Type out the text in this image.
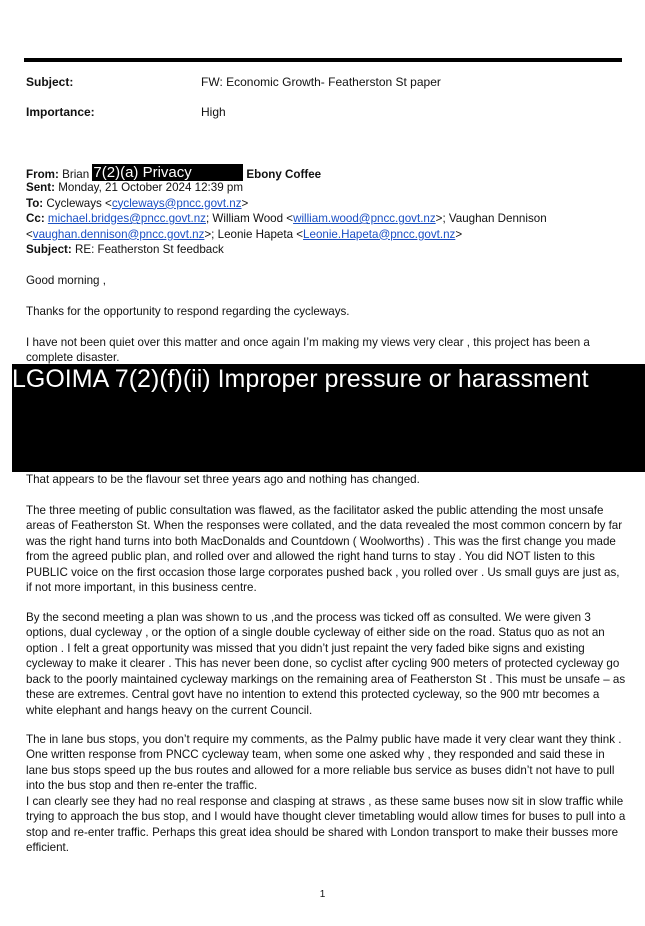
Subject:	FW: Economic Growth- Featherston St paper
Importance:	High
From: Brian 7(2)(a) Privacy	Ebony Coffee
Sent: Monday, 21 October 2024 12:39 pm
To: Cycleways <cycleways@pncc.govt.nz>
Cc: michael.bridges@pncc.govt.nz; William Wood <william.wood@pncc.govt.nz>; Vaughan Dennison
<vaughan.dennison@pncc.govt.nz>; Leonie Hapeta <Leonie.Hapeta@pncc.govt.nz>
Subject: RE: Featherston St feedback

Good morning ,

Thanks for the opportunity to respond regarding the cycleways.

I have not been quiet over this matter and once again I’m making my views very clear , this project has been a complete disaster.

LGOIMA 7(2)(f)(ii) Improper pressure or harassment

That appears to be the flavour set three years ago and nothing has changed.

The three meeting of public consultation was flawed, as the facilitator asked the public attending the most unsafe areas of Featherston St. When the responses were collated, and the data revealed the most common concern by far was the right hand turns into both MacDonalds and Countdown ( Woolworths) . This was the first change you made from the agreed public plan, and rolled over and allowed the right hand turns to stay . You did NOT listen to this PUBLIC voice on the first occasion those large corporates pushed back , you rolled over . Us small guys are just as, if not more important, in this business centre.

By the second meeting a plan was shown to us ,and the process was ticked off as consulted. We were given 3 options, dual cycleway , or the option of a single double cycleway of either side on the road. Status quo as not an option . I felt a great opportunity was missed that you didn’t just repaint the very faded bike signs and existing cycleway to make it clearer . This has never been done, so cyclist after cycling 900 meters of protected cycleway go back to the poorly maintained cycleway markings on the remaining area of Featherston St . This must be unsafe – as these are extremes. Central govt have no intention to extend this protected cycleway, so the 900 mtr becomes a white elephant and hangs heavy on the current Council.

The in lane bus stops, you don’t require my comments, as the Palmy public have made it very clear want they think . One written response from PNCC cycleway team, when some one asked why , they responded and said these in lane bus stops speed up the bus routes and allowed for a more reliable bus service as buses didn’t not have to pull into the bus stop and then re-enter the traffic.

I can clearly see they had no real response and clasping at straws , as these same buses now sit in slow traffic while trying to approach the bus stop, and I would have thought clever timetabling would allow times for buses to pull into a stop and re-enter traffic. Perhaps this great idea should be shared with London transport to make their busses more efficient.

1
